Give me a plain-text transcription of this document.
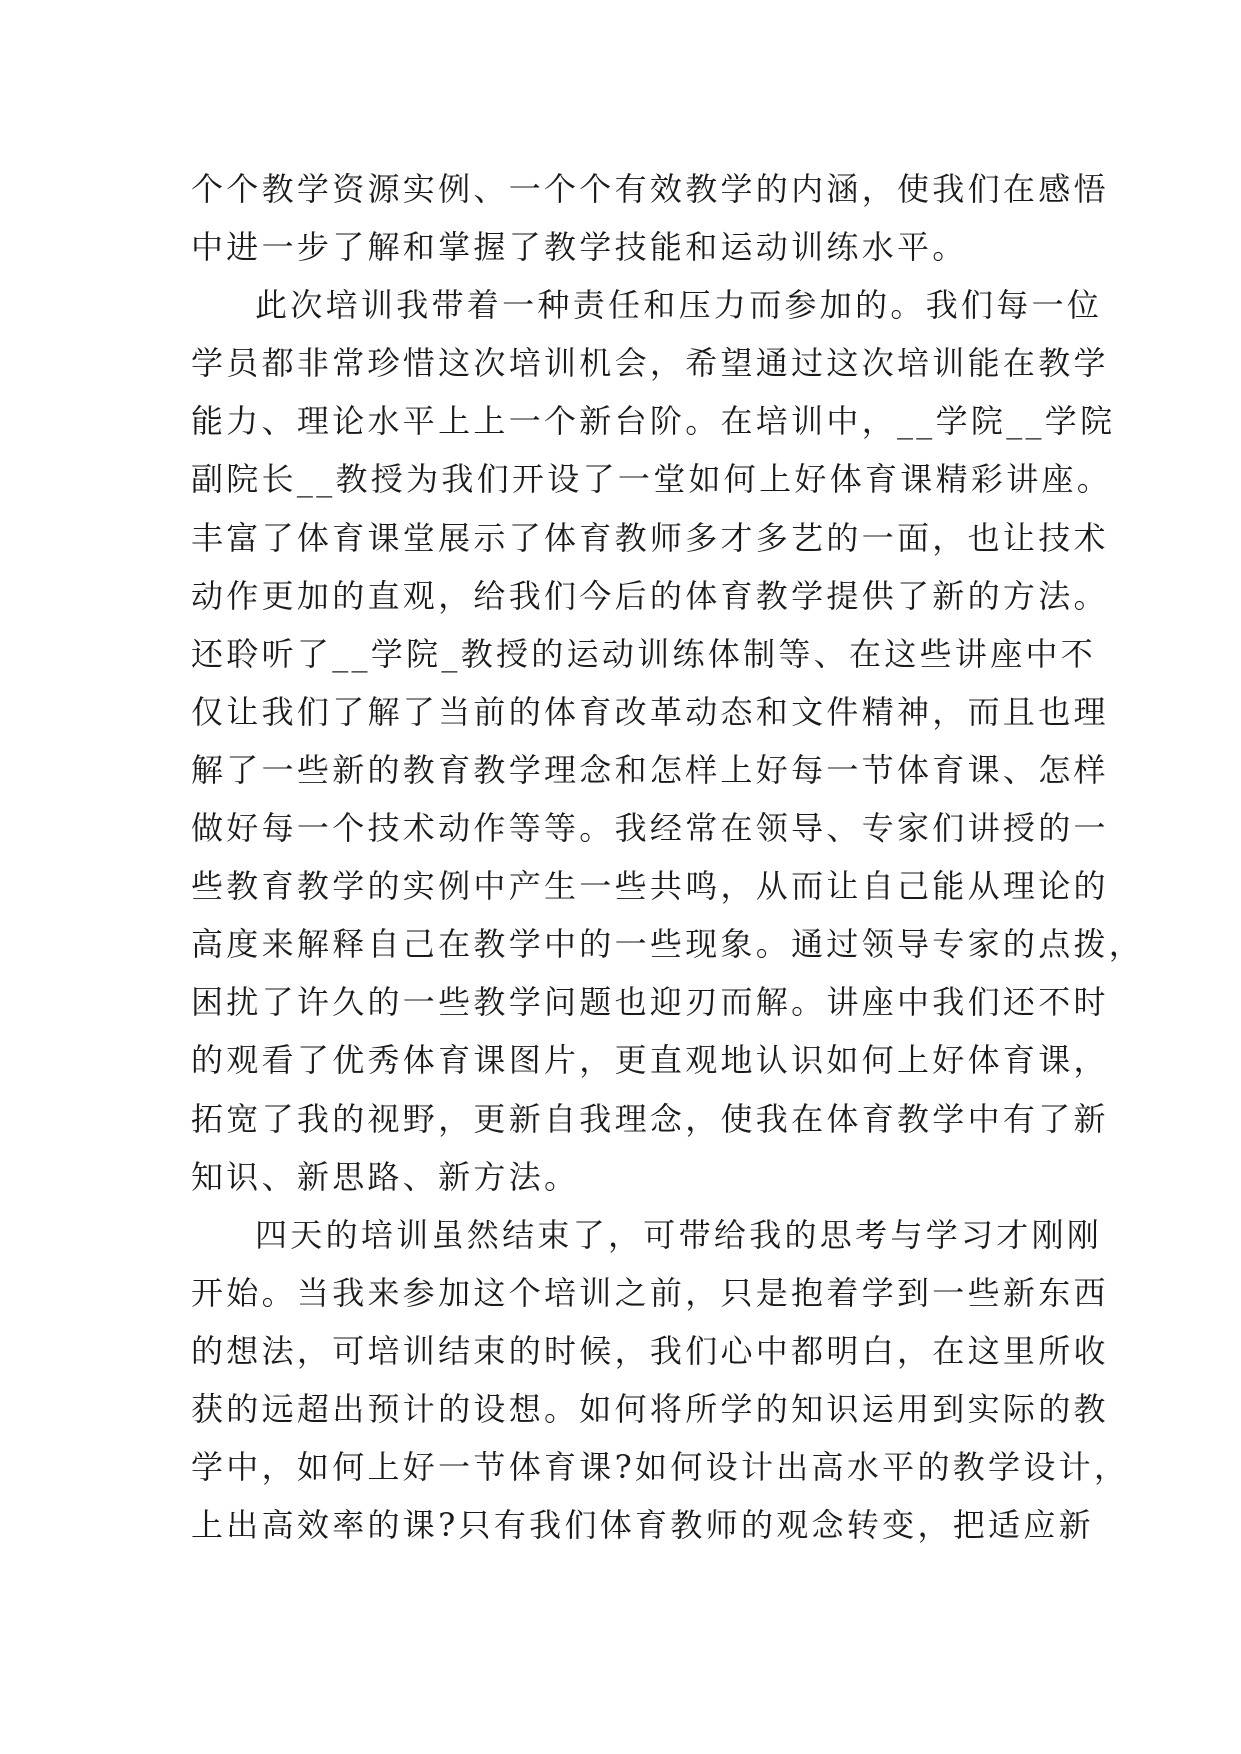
个个教学资源实例、一个个有效教学的内涵，使我们在感悟
中进一步了解和掌握了教学技能和运动训练水平。
此次培训我带着一种责任和压力而参加的。我们每一位
学员都非常珍惜这次培训机会，希望通过这次培训能在教学
能力、理论水平上上一个新台阶。在培训中，__学院__学院
副院长__教授为我们开设了一堂如何上好体育课精彩讲座。
丰富了体育课堂展示了体育教师多才多艺的一面，也让技术
动作更加的直观，给我们今后的体育教学提供了新的方法。
还聆听了__学院_教授的运动训练体制等、在这些讲座中不
仅让我们了解了当前的体育改革动态和文件精神，而且也理
解了一些新的教育教学理念和怎样上好每一节体育课、怎样
做好每一个技术动作等等。我经常在领导、专家们讲授的一
些教育教学的实例中产生一些共鸣，从而让自己能从理论的
高度来解释自己在教学中的一些现象。通过领导专家的点拨，
困扰了许久的一些教学问题也迎刃而解。讲座中我们还不时
的观看了优秀体育课图片，更直观地认识如何上好体育课，
拓宽了我的视野，更新自我理念，使我在体育教学中有了新
知识、新思路、新方法。
四天的培训虽然结束了，可带给我的思考与学习才刚刚
开始。当我来参加这个培训之前，只是抱着学到一些新东西
的想法，可培训结束的时候，我们心中都明白，在这里所收
获的远超出预计的设想。如何将所学的知识运用到实际的教
学中，如何上好一节体育课?如何设计出高水平的教学设计，
上出高效率的课?只有我们体育教师的观念转变，把适应新
